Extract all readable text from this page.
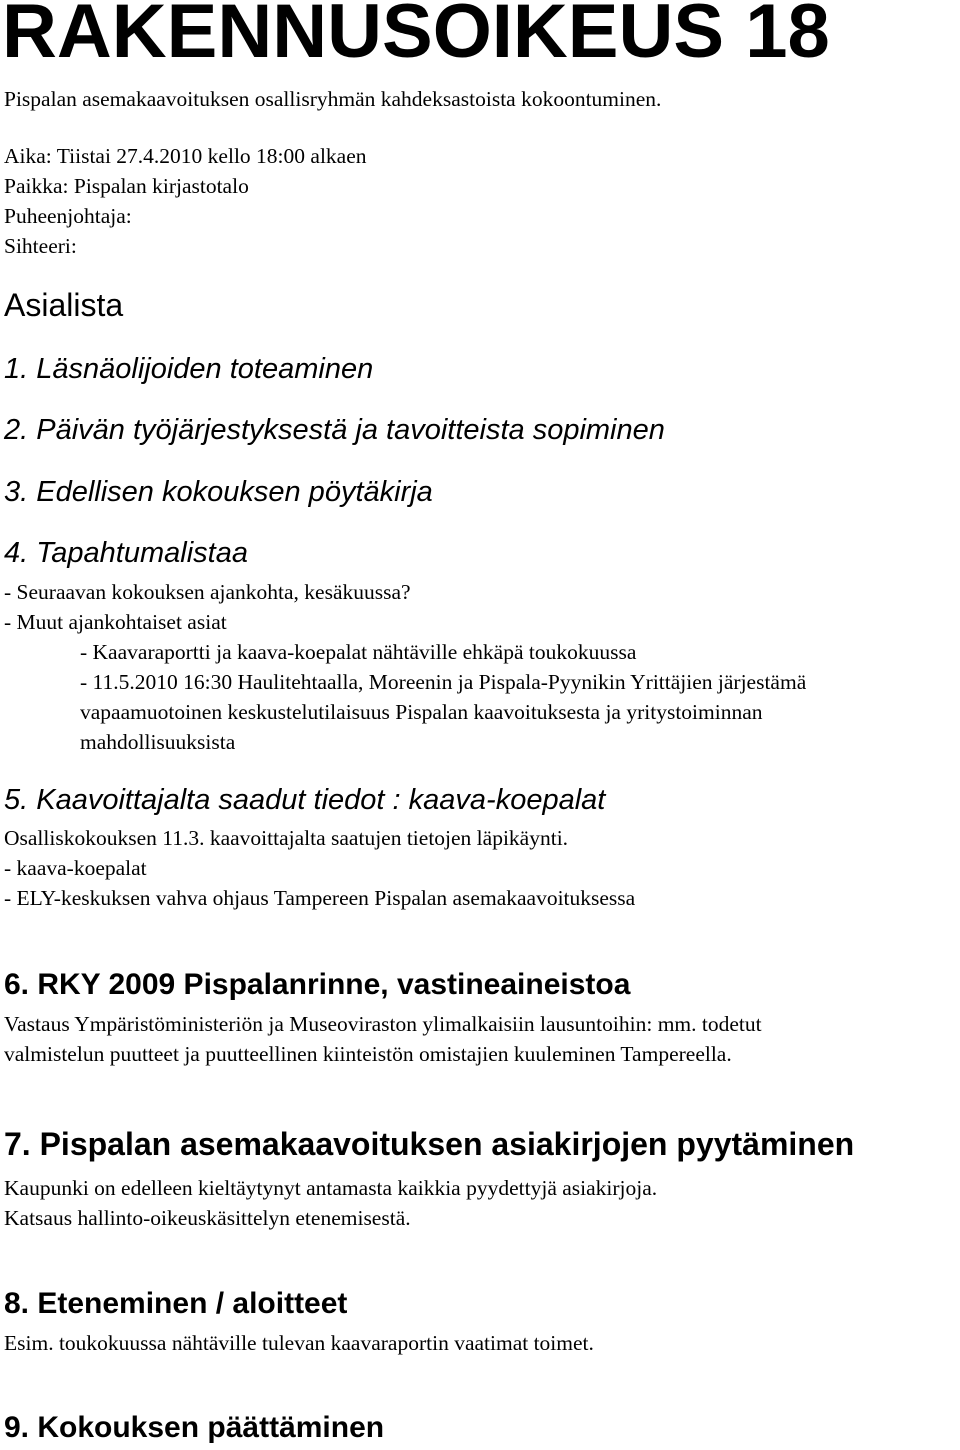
RAKENNUSOIKEUS 18
Pispalan asemakaavoituksen osallisryhmän kahdeksastoista kokoontuminen.
Aika: Tiistai 27.4.2010 kello 18:00 alkaen
Paikka: Pispalan kirjastotalo
Puheenjohtaja:
Sihteeri:
Asialista
1. Läsnäolijoiden toteaminen
2. Päivän työjärjestyksestä ja tavoitteista sopiminen
3. Edellisen kokouksen pöytäkirja
4. Tapahtumalistaa
- Seuraavan kokouksen ajankohta, kesäkuussa?
- Muut ajankohtaiset asiat
- Kaavaraportti ja kaava-koepalat nähtäville ehkäpä toukokuussa
- 11.5.2010 16:30 Haulitehtaalla, Moreenin ja Pispala-Pyynikin Yrittäjien järjestämä
vapaamuotoinen keskustelutilaisuus Pispalan kaavoituksesta ja yritystoiminnan
mahdollisuuksista
5. Kaavoittajalta saadut tiedot : kaava-koepalat
Osalliskokouksen 11.3. kaavoittajalta saatujen tietojen läpikäynti.
- kaava-koepalat
- ELY-keskuksen vahva ohjaus Tampereen Pispalan asemakaavoituksessa
6. RKY 2009 Pispalanrinne, vastineaineistoa
Vastaus Ympäristöministeriön ja Museoviraston ylimalkaisiin lausuntoihin: mm. todetut
valmistelun puutteet ja puutteellinen kiinteistön omistajien kuuleminen Tampereella.
7. Pispalan asemakaavoituksen asiakirjojen pyytäminen
Kaupunki on edelleen kieltäytynyt antamasta kaikkia pyydettyjä asiakirjoja.
Katsaus hallinto-oikeuskäsittelyn etenemisestä.
8. Eteneminen / aloitteet
Esim. toukokuussa nähtäville tulevan kaavaraportin vaatimat toimet.
9. Kokouksen päättäminen
